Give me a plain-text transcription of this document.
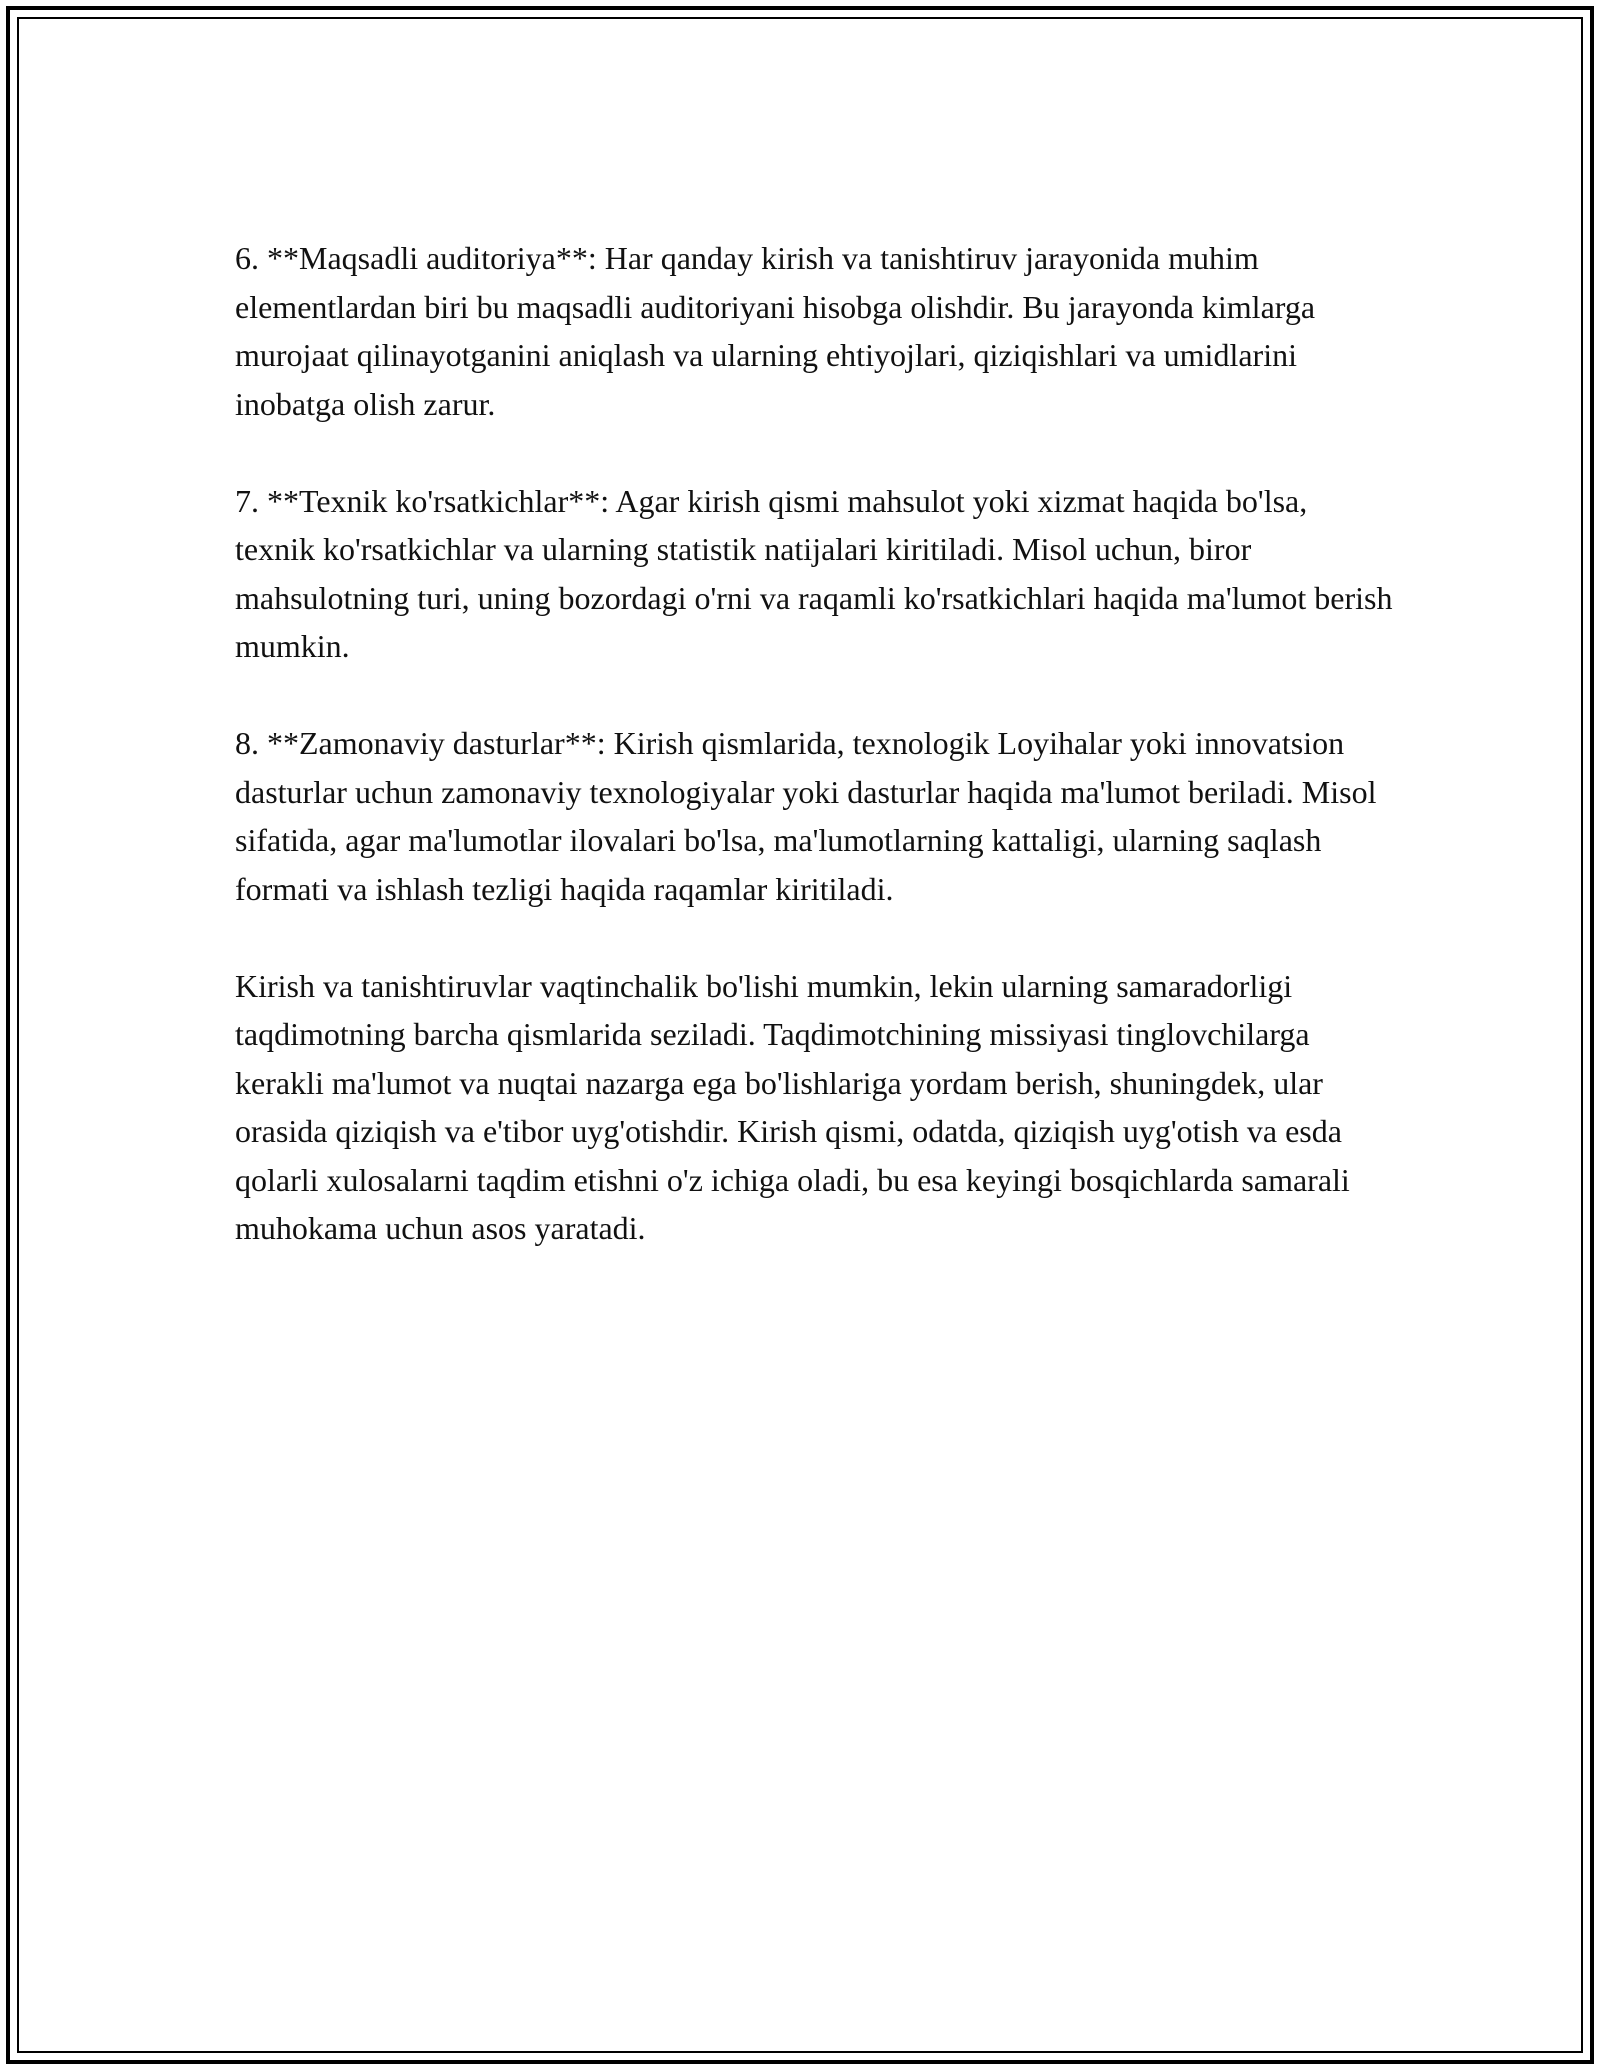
6. **Maqsadli auditoriya**: Har qanday kirish va tanishtiruv jarayonida muhim elementlardan biri bu maqsadli auditoriyani hisobga olishdir. Bu jarayonda kimlarga murojaat qilinayotganini aniqlash va ularning ehtiyojlari, qiziqishlari va umidlarini inobatga olish zarur.

7. **Texnik ko'rsatkichlar**: Agar kirish qismi mahsulot yoki xizmat haqida bo'lsa, texnik ko'rsatkichlar va ularning statistik natijalari kiritiladi. Misol uchun, biror mahsulotning turi, uning bozordagi o'rni va raqamli ko'rsatkichlari haqida ma'lumot berish mumkin.

8. **Zamonaviy dasturlar**: Kirish qismlarida, texnologik Loyihalar yoki innovatsion dasturlar uchun zamonaviy texnologiyalar yoki dasturlar haqida ma'lumot beriladi. Misol sifatida, agar ma'lumotlar ilovalari bo'lsa, ma'lumotlarning kattaligi, ularning saqlash formati va ishlash tezligi haqida raqamlar kiritiladi.

Kirish va tanishtiruvlar vaqtinchalik bo'lishi mumkin, lekin ularning samaradorligi taqdimotning barcha qismlarida seziladi. Taqdimotchining missiyasi tinglovchilarga kerakli ma'lumot va nuqtai nazarga ega bo'lishlariga yordam berish, shuningdek, ular orasida qiziqish va e'tibor uyg'otishdir. Kirish qismi, odatda, qiziqish uyg'otish va esda qolarli xulosalarni taqdim etishni o'z ichiga oladi, bu esa keyingi bosqichlarda samarali muhokama uchun asos yaratadi.
